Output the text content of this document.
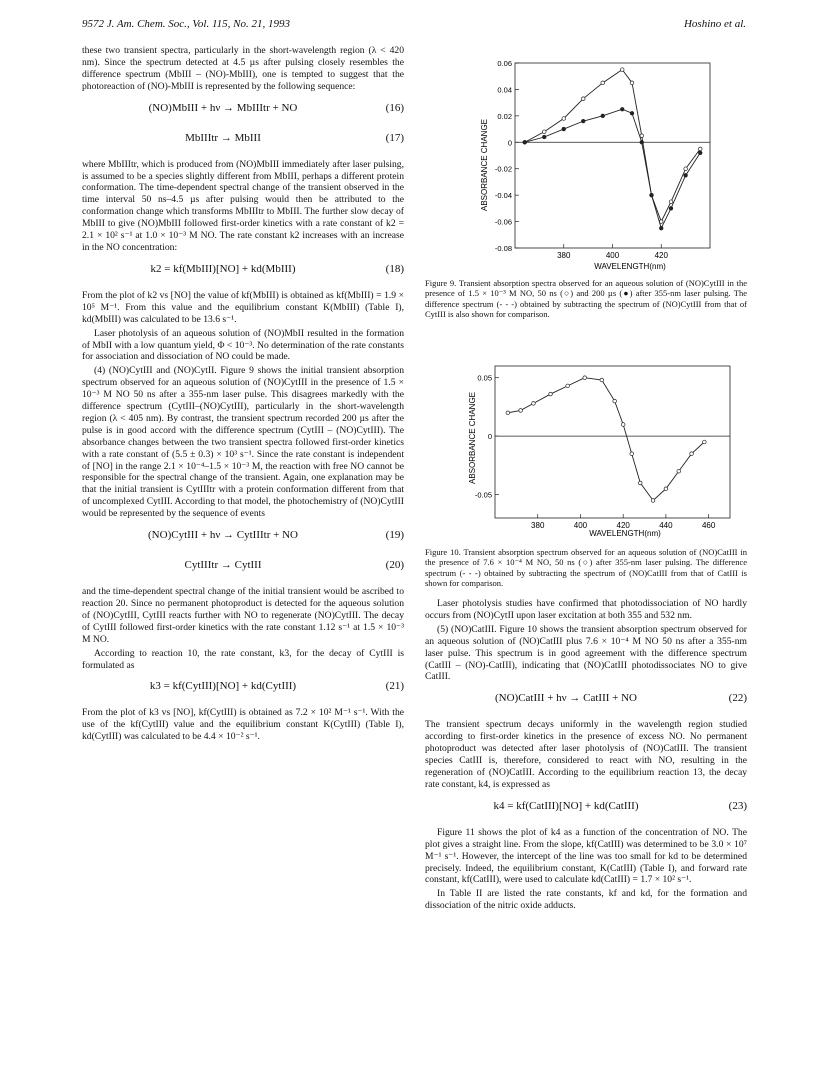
9572 J. Am. Chem. Soc., Vol. 115, No. 21, 1993	Hoshino et al.

these two transient spectra, particularly in the short-wavelength region (λ < 420 nm). Since the spectrum detected at 4.5 µs after pulsing closely resembles the difference spectrum (MbIII – (NO)-MbIII), one is tempted to suggest that the photoreaction of (NO)-MbIII is represented by the following sequence:

(NO)MbIII + hν → MbIIItr + NO	(16)
MbIIItr → MbIII	(17)

where MbIIItr, which is produced from (NO)MbIII immediately after laser pulsing, is assumed to be a species slightly different from MbIII, perhaps a different protein conformation. The time-dependent spectral change of the transient observed in the time interval 50 ns–4.5 µs after pulsing would then be attributed to the conformation change which transforms MbIIItr to MbIII. The further slow decay of MbIII to give (NO)MbIII followed first-order kinetics with a rate constant of k2 = 2.1 × 10² s⁻¹ at 1.0 × 10⁻³ M NO. The rate constant k2 increases with an increase in the NO concentration:

k2 = kf(MbIII)[NO] + kd(MbIII)	(18)

From the plot of k2 vs [NO] the value of kf(MbIII) is obtained as kf(MbIII) = 1.9 × 10⁵ M⁻¹. From this value and the equilibrium constant K(MbIII) (Table I), kd(MbIII) was calculated to be 13.6 s⁻¹.

Laser photolysis of an aqueous solution of (NO)MbII resulted in the formation of MbII with a low quantum yield, Φ < 10⁻³. No determination of the rate constants for association and dissociation of NO could be made.

(4) (NO)CytIII and (NO)CytII. Figure 9 shows the initial transient absorption spectrum observed for an aqueous solution of (NO)CytIII in the presence of 1.5 × 10⁻³ M NO 50 ns after a 355-nm laser pulse. This disagrees markedly with the difference spectrum (CytIII–(NO)CytIII), particularly in the short-wavelength region (λ < 405 nm). By contrast, the transient spectrum recorded 200 µs after the pulse is in good accord with the difference spectrum (CytIII – (NO)CytIII). The absorbance changes between the two transient spectra followed first-order kinetics with a rate constant of (5.5 ± 0.3) × 10³ s⁻¹. Since the rate constant is independent of [NO] in the range 2.1 × 10⁻⁴–1.5 × 10⁻³ M, the reaction with free NO cannot be responsible for the spectral change of the transient. Again, one explanation may be that the initial transient is CytIIItr with a protein conformation different from that of uncomplexed CytIII. According to that model, the photochemistry of (NO)CytIII would be represented by the sequence of events

(NO)CytIII + hν → CytIIItr + NO	(19)
CytIIItr → CytIII	(20)

and the time-dependent spectral change of the initial transient would be ascribed to reaction 20. Since no permanent photoproduct is detected for the aqueous solution of (NO)CytIII, CytIII reacts further with NO to regenerate (NO)CytIII. The decay of CytIII followed first-order kinetics with the rate constant 1.12 s⁻¹ at 1.5 × 10⁻³ M NO.

According to reaction 10, the rate constant, k3, for the decay of CytIII is formulated as

k3 = kf(CytIII)[NO] + kd(CytIII)	(21)

From the plot of k3 vs [NO], kf(CytIII) is obtained as 7.2 × 10² M⁻¹ s⁻¹. With the use of the kf(CytIII) value and the equilibrium constant K(CytIII) (Table I), kd(CytIII) was calculated to be 4.4 × 10⁻² s⁻¹.

ABSORBANCE CHANGE
WAVELENGTH(nm)
0.06
0.04
0.02
0
-0.02
-0.04
-0.06
-0.08
380	400	420
Figure 9. Transient absorption spectra observed for an aqueous solution of (NO)CytIII in the presence of 1.5 × 10⁻³ M NO, 50 ns (○) and 200 µs (●) after 355-nm laser pulsing. The difference spectrum (- - -) obtained by subtracting the spectrum of (NO)CytIII from that of CytIII is also shown for comparison.
ABSORBANCE CHANGE
WAVELENGTH(nm)
0.05
0
-0.05
380	400	420	440	460
Figure 10. Transient absorption spectrum observed for an aqueous solution of (NO)CatIII in the presence of 7.6 × 10⁻⁴ M NO, 50 ns (○) after 355-nm laser pulsing. The difference spectrum (- - -) obtained by subtracting the spectrum of (NO)CatIII from that of CatIII is shown for comparison.

Laser photolysis studies have confirmed that photodissociation of NO hardly occurs from (NO)CytII upon laser excitation at both 355 and 532 nm.

(5) (NO)CatIII. Figure 10 shows the transient absorption spectrum observed for an aqueous solution of (NO)CatIII plus 7.6 × 10⁻⁴ M NO 50 ns after a 355-nm laser pulse. This spectrum is in good agreement with the difference spectrum (CatIII – (NO)-CatIII), indicating that (NO)CatIII photodissociates NO to give CatIII.

(NO)CatIII + hν → CatIII + NO	(22)

The transient spectrum decays uniformly in the wavelength region studied according to first-order kinetics in the presence of excess NO. No permanent photoproduct was detected after laser photolysis of (NO)CatIII. The transient species CatIII is, therefore, considered to react with NO, resulting in the regeneration of (NO)CatIII. According to the equilibrium reaction 13, the decay rate constant, k4, is expressed as

k4 = kf(CatIII)[NO] + kd(CatIII)	(23)

Figure 11 shows the plot of k4 as a function of the concentration of NO. The plot gives a straight line. From the slope, kf(CatIII) was determined to be 3.0 × 10⁷ M⁻¹ s⁻¹. However, the intercept of the line was too small for kd to be determined precisely. Indeed, the equilibrium constant, K(CatIII) (Table I), and forward rate constant, kf(CatIII), were used to calculate kd(CatIII) = 1.7 × 10² s⁻¹.

In Table II are listed the rate constants, kf and kd, for the formation and dissociation of the nitric oxide adducts.
